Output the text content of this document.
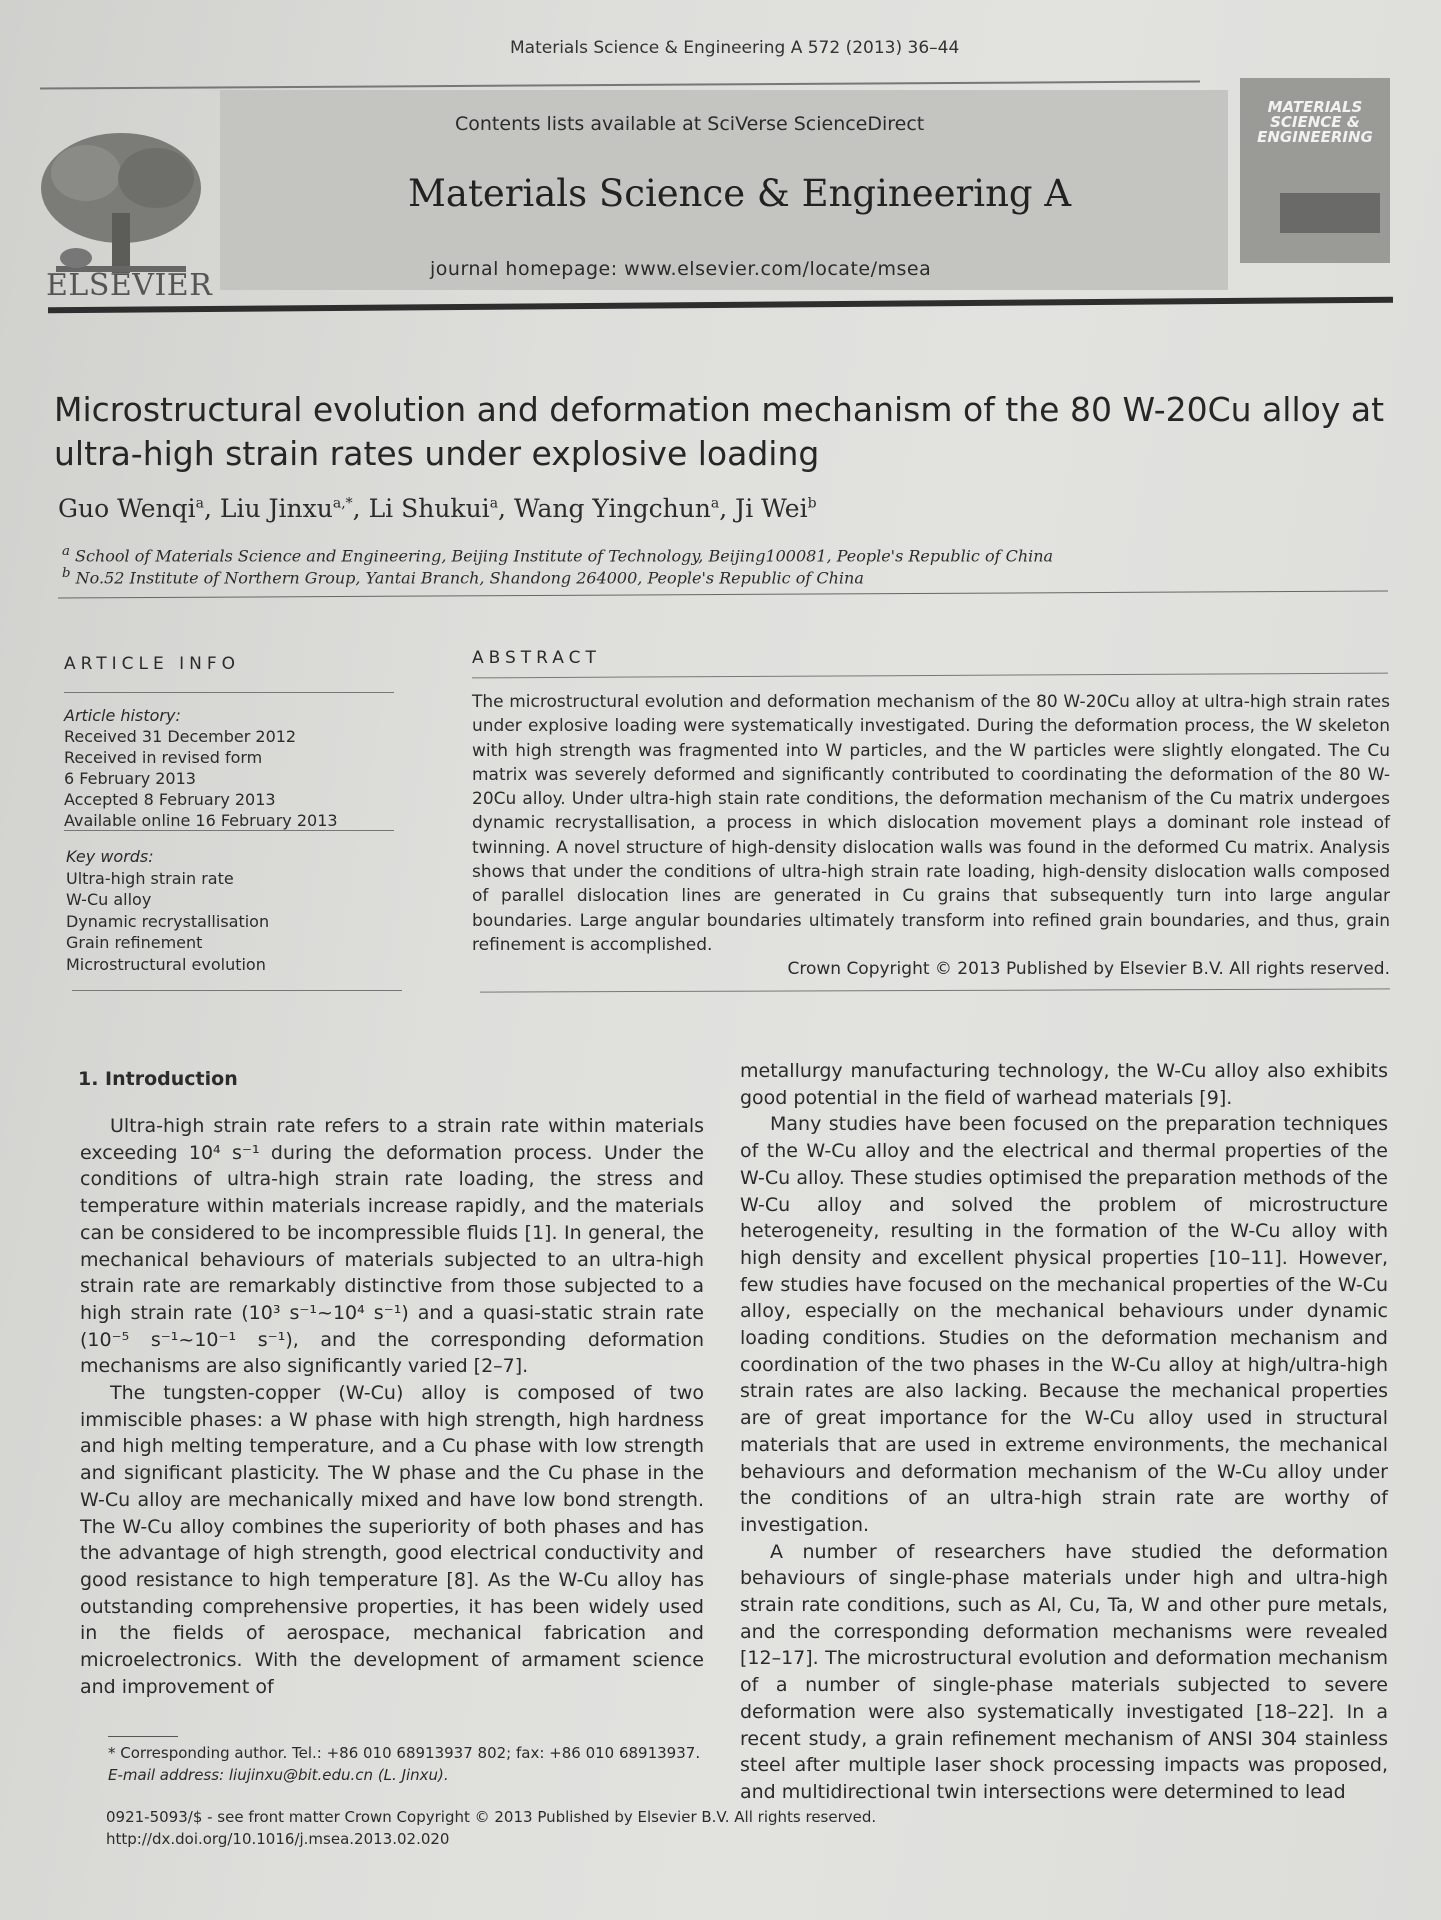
Materials Science & Engineering A 572 (2013) 36–44
ELSEVIER
Contents lists available at SciVerse ScienceDirect
Materials Science & Engineering A
journal homepage: www.elsevier.com/locate/msea
MATERIALS
SCIENCE &
ENGINEERING
Microstructural evolution and deformation mechanism of the 80 W-20Cu alloy at ultra-high strain rates under explosive loading
Guo Wenqi$^a$, Liu Jinxu$^{a,*}$, Li Shukui$^a$, Wang Yingchun$^a$, Ji Wei$^b$
$^a$ School of Materials Science and Engineering, Beijing Institute of Technology, Beijing100081, People's Republic of China
$^b$ No.52 Institute of Northern Group, Yantai Branch, Shandong 264000, People's Republic of China
ARTICLE INFO
Article history:
Received 31 December 2012
Received in revised form
6 February 2013
Accepted 8 February 2013
Available online 16 February 2013
Key words:
Ultra-high strain rate
W-Cu alloy
Dynamic recrystallisation
Grain refinement
Microstructural evolution
ABSTRACT
The microstructural evolution and deformation mechanism of the 80 W-20Cu alloy at ultra-high strain rates under explosive loading were systematically investigated. During the deformation process, the W skeleton with high strength was fragmented into W particles, and the W particles were slightly elongated. The Cu matrix was severely deformed and significantly contributed to coordinating the deformation of the 80 W-20Cu alloy. Under ultra-high stain rate conditions, the deformation mechanism of the Cu matrix undergoes dynamic recrystallisation, a process in which dislocation movement plays a dominant role instead of twinning. A novel structure of high-density dislocation walls was found in the deformed Cu matrix. Analysis shows that under the conditions of ultra-high strain rate loading, high-density dislocation walls composed of parallel dislocation lines are generated in Cu grains that subsequently turn into large angular boundaries. Large angular boundaries ultimately transform into refined grain boundaries, and thus, grain refinement is accomplished.
Crown Copyright © 2013 Published by Elsevier B.V. All rights reserved.
1. Introduction

Ultra-high strain rate refers to a strain rate within materials exceeding 10⁴ s⁻¹ during the deformation process. Under the conditions of ultra-high strain rate loading, the stress and temperature within materials increase rapidly, and the materials can be considered to be incompressible fluids [1]. In general, the mechanical behaviours of materials subjected to an ultra-high strain rate are remarkably distinctive from those subjected to a high strain rate (10³ s⁻¹~10⁴ s⁻¹) and a quasi-static strain rate (10⁻⁵ s⁻¹~10⁻¹ s⁻¹), and the corresponding deformation mechanisms are also significantly varied [2–7].

The tungsten-copper (W-Cu) alloy is composed of two immiscible phases: a W phase with high strength, high hardness and high melting temperature, and a Cu phase with low strength and significant plasticity. The W phase and the Cu phase in the W-Cu alloy are mechanically mixed and have low bond strength. The W-Cu alloy combines the superiority of both phases and has the advantage of high strength, good electrical conductivity and good resistance to high temperature [8]. As the W-Cu alloy has outstanding comprehensive properties, it has been widely used in the fields of aerospace, mechanical fabrication and microelectronics. With the development of armament science and improvement of

metallurgy manufacturing technology, the W-Cu alloy also exhibits good potential in the field of warhead materials [9].

Many studies have been focused on the preparation techniques of the W-Cu alloy and the electrical and thermal properties of the W-Cu alloy. These studies optimised the preparation methods of the W-Cu alloy and solved the problem of microstructure heterogeneity, resulting in the formation of the W-Cu alloy with high density and excellent physical properties [10–11]. However, few studies have focused on the mechanical properties of the W-Cu alloy, especially on the mechanical behaviours under dynamic loading conditions. Studies on the deformation mechanism and coordination of the two phases in the W-Cu alloy at high/ultra-high strain rates are also lacking. Because the mechanical properties are of great importance for the W-Cu alloy used in structural materials that are used in extreme environments, the mechanical behaviours and deformation mechanism of the W-Cu alloy under the conditions of an ultra-high strain rate are worthy of investigation.

A number of researchers have studied the deformation behaviours of single-phase materials under high and ultra-high strain rate conditions, such as Al, Cu, Ta, W and other pure metals, and the corresponding deformation mechanisms were revealed [12–17]. The microstructural evolution and deformation mechanism of a number of single-phase materials subjected to severe deformation were also systematically investigated [18–22]. In a recent study, a grain refinement mechanism of ANSI 304 stainless steel after multiple laser shock processing impacts was proposed, and multidirectional twin intersections were determined to lead

* Corresponding author. Tel.: +86 010 68913937 802; fax: +86 010 68913937.
E-mail address: liujinxu@bit.edu.cn (L. Jinxu).
0921-5093/$ - see front matter Crown Copyright © 2013 Published by Elsevier B.V. All rights reserved.
http://dx.doi.org/10.1016/j.msea.2013.02.020
